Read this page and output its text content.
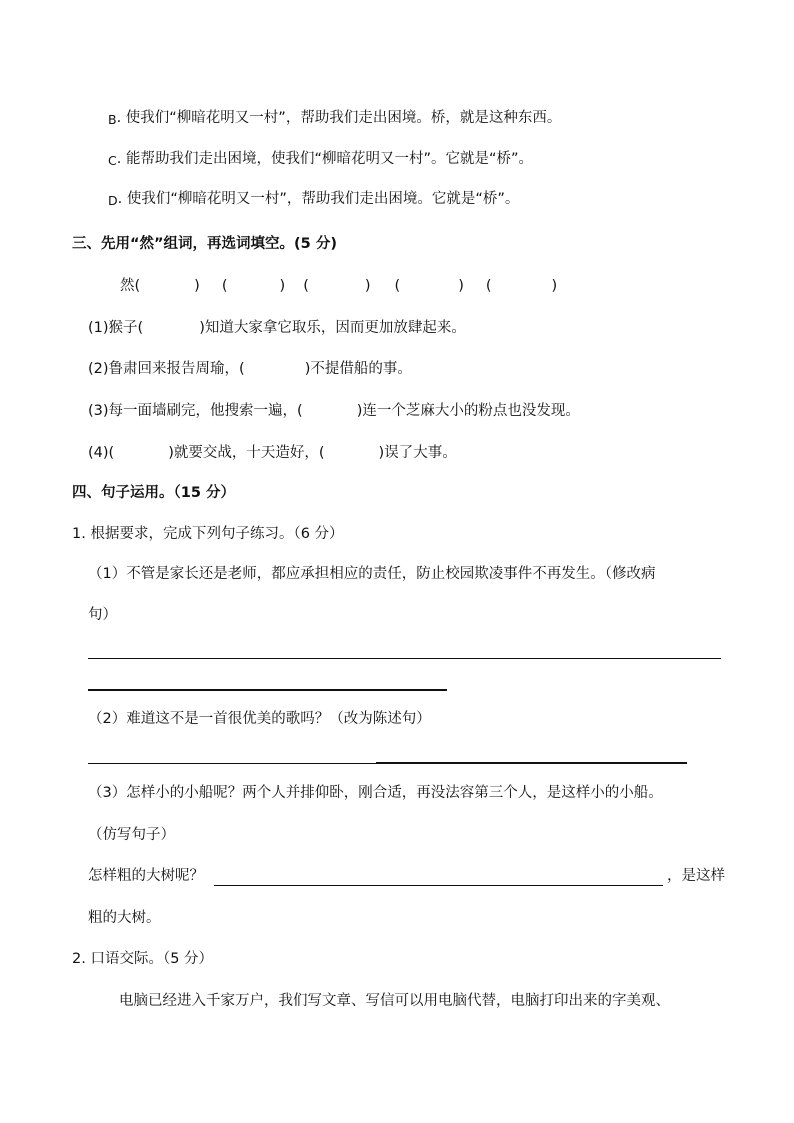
B. 使我们“柳暗花明又一村”，帮助我们走出困境。桥，就是这种东西。
C. 能帮助我们走出困境，使我们“柳暗花明又一村”。它就是“桥”。
D. 使我们“柳暗花明又一村”，帮助我们走出困境。它就是“桥”。
三、先用“然”组词，再选词填空。(5 分)
然(	) (	) (	) (	) (	)
(1)猴子(	)知道大家拿它取乐，因而更加放肆起来。
(2)鲁肃回来报告周瑜，(	)不提借船的事。
(3)每一面墙刷完，他搜索一遍，(	)连一个芝麻大小的粉点也没发现。
(4)(	)就要交战，十天造好，(	)误了大事。
四、句子运用。（15 分）
1. 根据要求，完成下列句子练习。（6 分）
（1）不管是家长还是老师，都应承担相应的责任，防止校园欺凌事件不再发生。（修改病
句）
（2）难道这不是一首很优美的歌吗？（改为陈述句）
（3）怎样小的小船呢？两个人并排仰卧，刚合适，再没法容第三个人，是这样小的小船。
（仿写句子）
怎样粗的大树呢？	，是这样
粗的大树。
2. 口语交际。（5 分）
电脑已经进入千家万户，我们写文章、写信可以用电脑代替，电脑打印出来的字美观、
